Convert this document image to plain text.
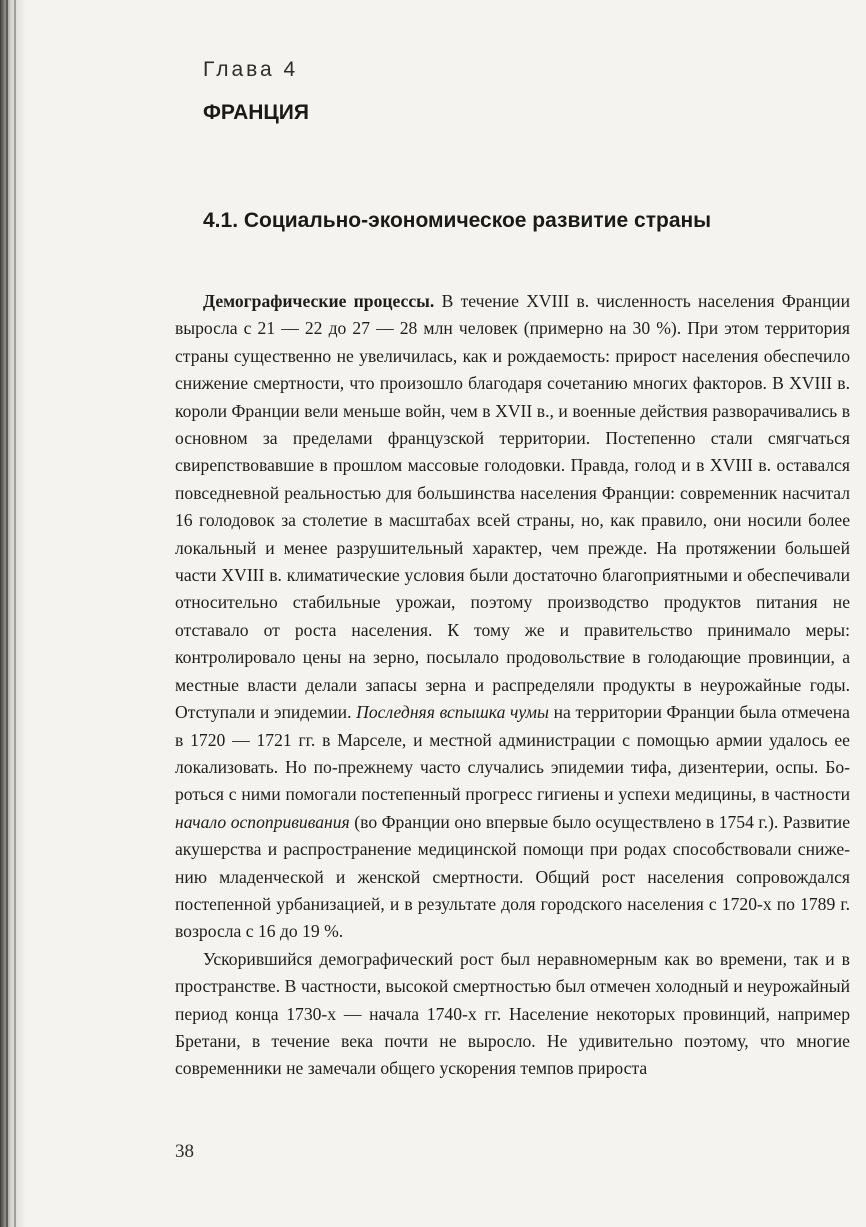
Глава 4
ФРАНЦИЯ
4.1. Социально-экономическое развитие страны

Демографические процессы. В течение XVIII в. численность населения Франции выросла с 21 — 22 до 27 — 28 млн человек (примерно на 30 %). При этом территория страны существенно не увеличилась, как и рождаемость: прирост населения обеспечило снижение смертности, что произошло благодаря сочетанию многих факторов. В XVIII в. короли Франции вели меньше войн, чем в XVII в., и военные действия разворачивались в основном за пределами французской территории. Постепенно стали смягчаться свирепствовавшие в прошлом массовые голодовки. Правда, голод и в XVIII в. оставался повседневной реальностью для большинства населения Франции: современник насчитал 16 голодовок за столетие в масштабах всей страны, но, как правило, они носили более локальный и менее разрушительный характер, чем прежде. На протяжении большей части XVIII в. климатические условия были достаточно благоприятными и обеспечивали относительно стабильные урожаи, поэтому производство продуктов питания не отставало от роста населения. К тому же и правительство принимало меры: контролировало цены на зерно, посылало продовольствие в голодающие провинции, а местные власти делали запасы зерна и распределяли продукты в неурожайные годы. Отступали и эпидемии. Последняя вспышка чумы на территории Франции была отмечена в 1720 — 1721 гг. в Марселе, и местной администрации с помощью армии удалось ее локализовать. Но по-прежнему часто случались эпидемии тифа, дизентерии, оспы. Бороться с ними помогали постепенный прогресс гигиены и успехи медицины, в частности начало оспопрививания (во Франции оно впервые было осуществлено в 1754 г.). Развитие акушерства и распространение медицинской помощи при родах способствовали снижению младенческой и женской смертности. Общий рост населения сопровождался постепенной урбанизацией, и в результате доля городского населения с 1720-х по 1789 г. возросла с 16 до 19 %.

Ускорившийся демографический рост был неравномерным как во времени, так и в пространстве. В частности, высокой смертностью был отмечен холодный и неурожайный период конца 1730-х — начала 1740-х гг. Население некоторых провинций, например Бретани, в течение века почти не выросло. Не удивительно поэтому, что многие современники не замечали общего ускорения темпов прироста

38
